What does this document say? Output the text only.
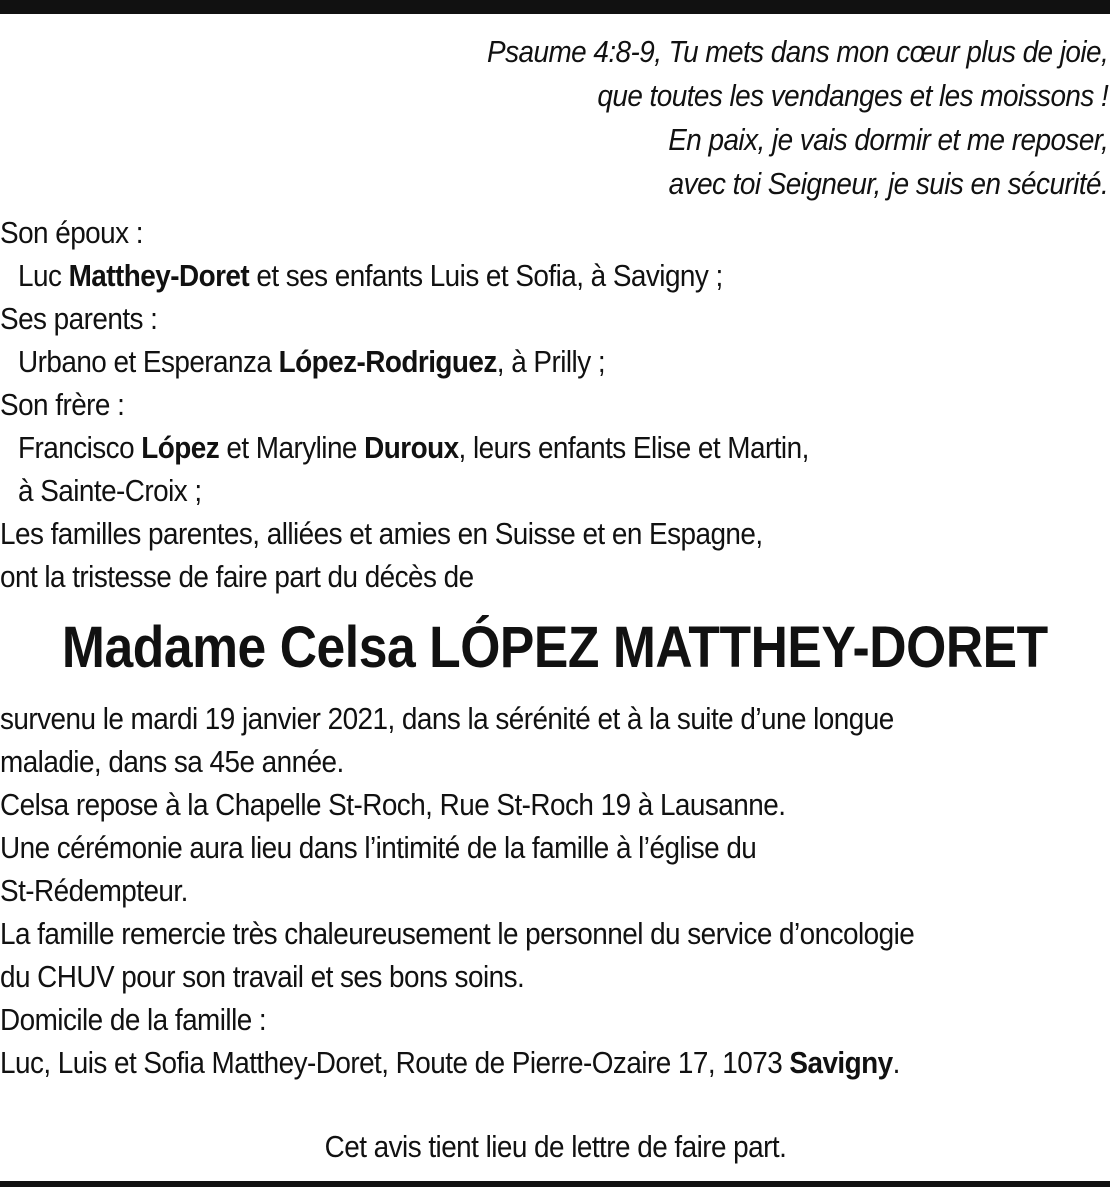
Psaume 4:8-9, Tu mets dans mon cœur plus de joie,
que toutes les vendanges et les moissons !
En paix, je vais dormir et me reposer,
avec toi Seigneur, je suis en sécurité.
Son époux :
Luc Matthey-Doret et ses enfants Luis et Sofia, à Savigny ;
Ses parents :
Urbano et Esperanza López-Rodriguez, à Prilly ;
Son frère :
Francisco López et Maryline Duroux, leurs enfants Elise et Martin,
à Sainte-Croix ;
Les familles parentes, alliées et amies en Suisse et en Espagne,
ont la tristesse de faire part du décès de
Madame Celsa LÓPEZ MATTHEY-DORET
survenu le mardi 19 janvier 2021, dans la sérénité et à la suite d’une longue
maladie, dans sa 45e année.
Celsa repose à la Chapelle St-Roch, Rue St-Roch 19 à Lausanne.
Une cérémonie aura lieu dans l’intimité de la famille à l’église du
St-Rédempteur.
La famille remercie très chaleureusement le personnel du service d’oncologie
du CHUV pour son travail et ses bons soins.
Domicile de la famille :
Luc, Luis et Sofia Matthey-Doret, Route de Pierre-Ozaire 17, 1073 Savigny.
Cet avis tient lieu de lettre de faire part.
